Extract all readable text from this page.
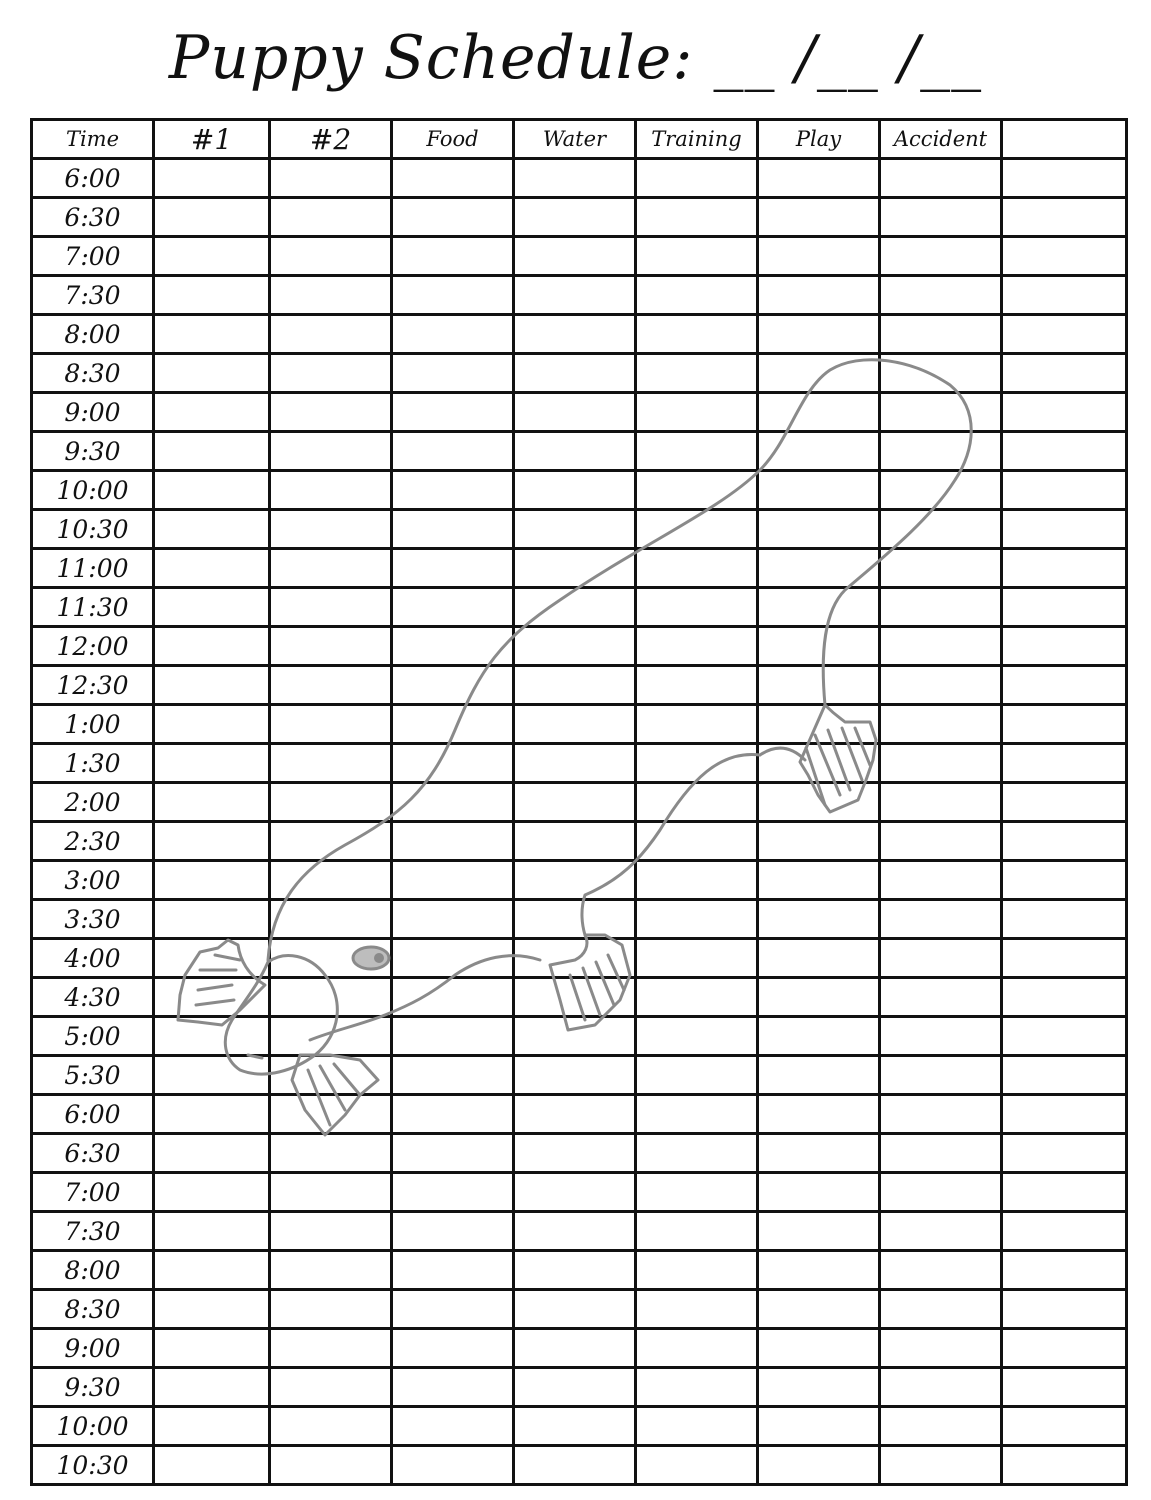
Puppy Schedule: __ /__ /__
Time	#1	#2	Food	Water	Training	Play	Accident	
6:00								
6:30								
7:00								
7:30								
8:00								
8:30								
9:00								
9:30								
10:00								
10:30								
11:00								
11:30								
12:00								
12:30								
1:00								
1:30								
2:00								
2:30								
3:00								
3:30								
4:00								
4:30								
5:00								
5:30								
6:00								
6:30								
7:00								
7:30								
8:00								
8:30								
9:00								
9:30								
10:00								
10:30								
